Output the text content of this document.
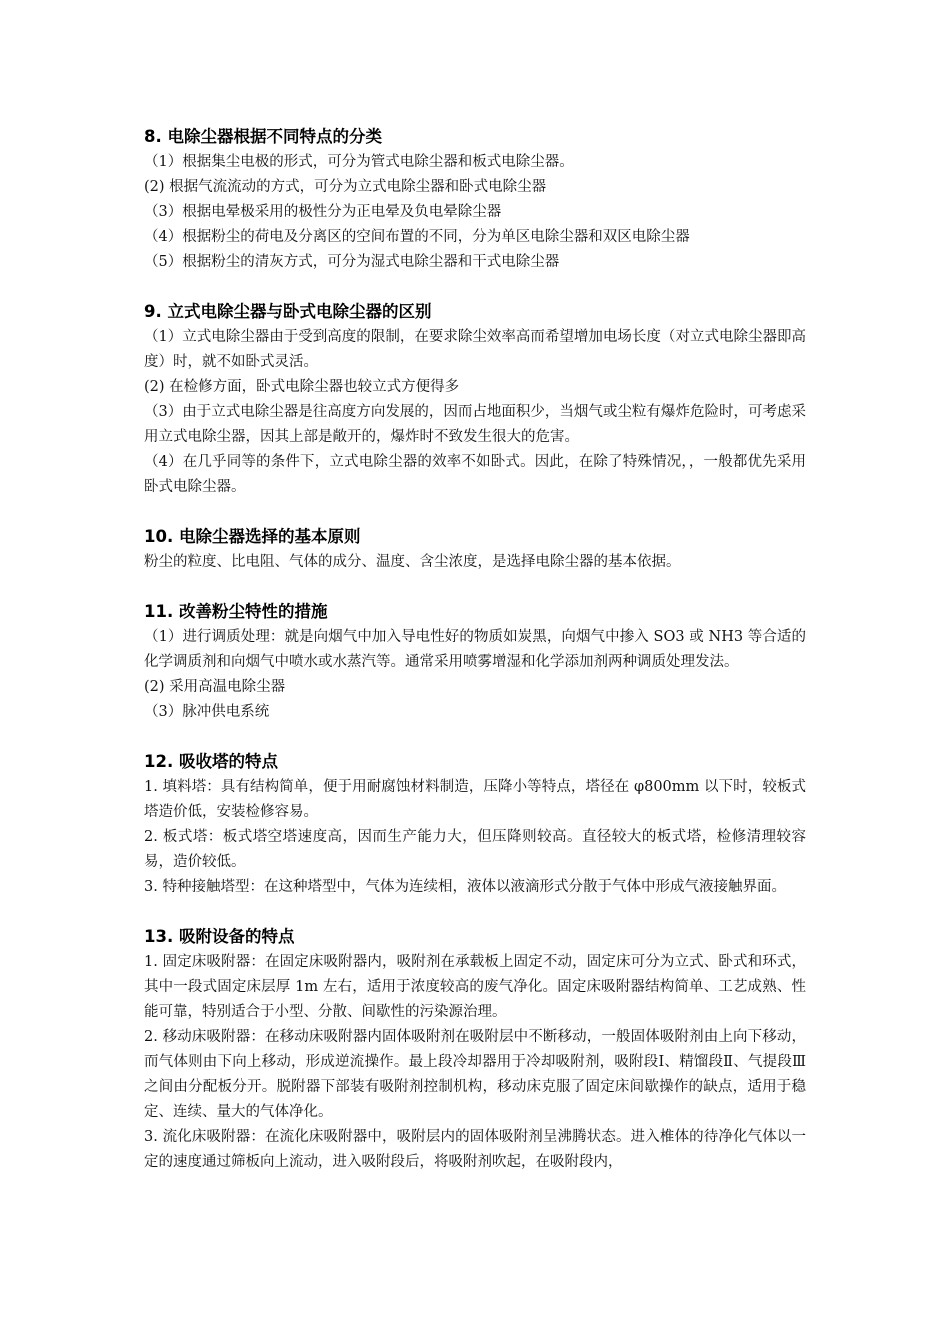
8. 电除尘器根据不同特点的分类

（1）根据集尘电极的形式，可分为管式电除尘器和板式电除尘器。

(2) 根据气流流动的方式，可分为立式电除尘器和卧式电除尘器

（3）根据电晕极采用的极性分为正电晕及负电晕除尘器

（4）根据粉尘的荷电及分离区的空间布置的不同，分为单区电除尘器和双区电除尘器

（5）根据粉尘的清灰方式，可分为湿式电除尘器和干式电除尘器

9. 立式电除尘器与卧式电除尘器的区别

（1）立式电除尘器由于受到高度的限制，在要求除尘效率高而希望增加电场长度（对立式电除尘器即高度）时，就不如卧式灵活。

(2) 在检修方面，卧式电除尘器也较立式方便得多

（3）由于立式电除尘器是往高度方向发展的，因而占地面积少，当烟气或尘粒有爆炸危险时，可考虑采用立式电除尘器，因其上部是敞开的，爆炸时不致发生很大的危害。

（4）在几乎同等的条件下，立式电除尘器的效率不如卧式。因此，在除了特殊情况，，一般都优先采用卧式电除尘器。

10. 电除尘器选择的基本原则

粉尘的粒度、比电阻、气体的成分、温度、含尘浓度，是选择电除尘器的基本依据。

11. 改善粉尘特性的措施

（1）进行调质处理：就是向烟气中加入导电性好的物质如炭黑，向烟气中掺入 SO3 或 NH3 等合适的化学调质剂和向烟气中喷水或水蒸汽等。通常采用喷雾增湿和化学添加剂两种调质处理发法。

(2) 采用高温电除尘器

（3）脉冲供电系统

12. 吸收塔的特点

1. 填料塔：具有结构简单，便于用耐腐蚀材料制造，压降小等特点，塔径在 φ800mm 以下时，较板式塔造价低，安装检修容易。

2. 板式塔：板式塔空塔速度高，因而生产能力大，但压降则较高。直径较大的板式塔，检修清理较容易，造价较低。

3. 特种接触塔型：在这种塔型中，气体为连续相，液体以液滴形式分散于气体中形成气液接触界面。

13. 吸附设备的特点

1. 固定床吸附器：在固定床吸附器内，吸附剂在承载板上固定不动，固定床可分为立式、卧式和环式，其中一段式固定床层厚 1m 左右，适用于浓度较高的废气净化。固定床吸附器结构简单、工艺成熟、性能可靠，特别适合于小型、分散、间歇性的污染源治理。

2. 移动床吸附器：在移动床吸附器内固体吸附剂在吸附层中不断移动，一般固体吸附剂由上向下移动，而气体则由下向上移动，形成逆流操作。最上段冷却器用于冷却吸附剂，吸附段Ⅰ、精馏段Ⅱ、气提段Ⅲ之间由分配板分开。脱附器下部装有吸附剂控制机构，移动床克服了固定床间歇操作的缺点，适用于稳定、连续、量大的气体净化。

3. 流化床吸附器：在流化床吸附器中，吸附层内的固体吸附剂呈沸腾状态。进入椎体的待净化气体以一定的速度通过筛板向上流动，进入吸附段后，将吸附剂吹起，在吸附段内，
